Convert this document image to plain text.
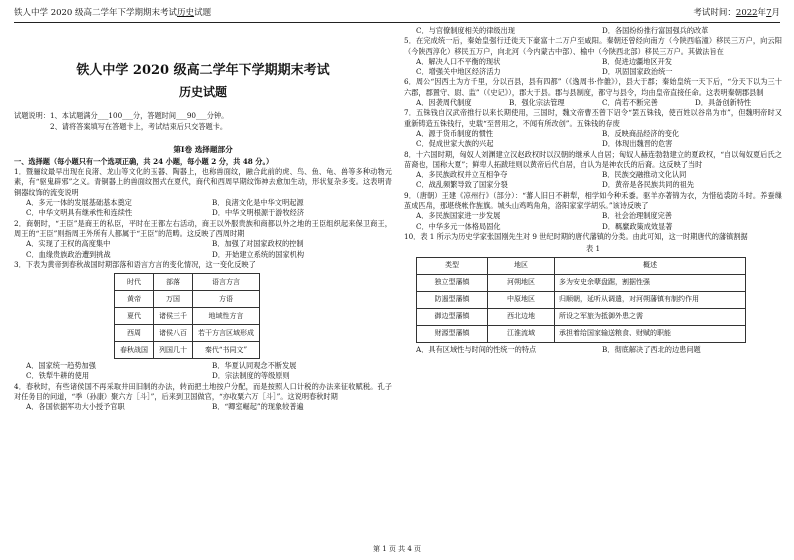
铁人中学 2020 级高二学年下学期期末考试历史试题	考试时间：2022年7月
铁人中学 2020 级高二学年下学期期末考试
历史试题
试题说明：1、本试题满分___100___分，答题时间___90___分钟。
2、请将答案填写在答题卡上，考试结束后只交答题卡。
第Ⅰ卷 选择题部分
一、选择题（每小题只有一个选项正确，共 24 小题，每小题 2 分，共 48 分。）

1．暨骊纹最早出现在良渚、龙山等文化的玉器、陶器上，也称兽面纹，融合此前的虎、鸟、鱼、龟、兽等多种动物元素，有“驱鬼辟邪”之义。青铜器上的兽面纹图式在夏代，商代和西周早期纹饰神去愈加生动，形状复杂多变。这表明青铜器纹饰的流变说明

A．多元一体的发展基础基本奠定	B．良渚文化是中华文明起源
C．中华文明具有继承性和连续性	D．中华文明根源于游牧经济

2．商朝时，“王臣”是商王的私臣，平时在王都左右活动，商王以外服贵族和商都以外之地的王臣组织起来保卫商王，周王的“王臣”则指周王外所有人都属于“王臣”的范畴。这反映了西周时期

A．实现了王权的高度集中	B．加强了对国家政权的控制
C．血缘贵族政治遭到挑战	D．开始建立系统的国家机构

3．下表为黄帝到春秋战国时期部落和语言方言的变化情况，这一变化反映了

时代	部落	语言方言
黄帝	万国	方语
夏代	诸侯三千	地域性方言
西周	诸侯八百	若干方言区域形成
春秋战国	列国几十	秦代“书同文”
A．国家统一趋势加强	B．华夏认同观念不断发展
C．铁犁牛耕的使用	D．宗法制度的等级原则

4．春秋时，有些诸侯国不再采取井田旧制的办法，转而把土地按户分配，而是按照人口计税的办法来征收赋税。孔子对任务目的问道，“季（孙康）聚六方［斗］”，后来到卫国做官，“亦收粟六万［斗］”。这说明春秋时期

A．各国依据军功大小授予官职	B．“卿室崛起”的现象较普遍
C．与官僚制度相关的律级出现	D．各国纷纷推行富国强兵的改革

5．在完成统一后，秦始皇强行迁徙天下豪富十二万户至咸阳。秦朝还曾经向南方（今陕西临潼）移民三万户，向云阳（今陕西淳化）移民五万户，向北河（今内蒙古中部）、榆中（今陕西北部）移民三万户。其做法旨在

A．解决人口不平衡的现状	B．促进边疆地区开发
C．增强关中地区经济活力	D．巩固国家政治统一

6．周公“因西土为方千里，分以百县，县有四都”（《逸周书·作雒》），县大于郡；秦始皇统一天下后，“分天下以为三十六郡，郡置守、尉、监”（《史记》），郡大于县。郡与县制度，都守与县令，均由皇帝直接任命。这表明秦朝郡县制

A．因袭周代制度	B．强化宗法管理	C．尚若不断完善	D．具备创新特性

7．五铢钱自汉武帝推行以来长期使用，三国时，魏文帝曹丕曾下诏令“罢五铢钱，使百姓以谷帛为市”，但魏明帝时又重新铸造五铢钱行，史载“至晋用之，不闻有所改创”。五铢钱的存废

A．源于货币制度的惯性	B．反映商品经济的变化
C．促成世家大族的兴起	D．体现出魏晋的危害

8．十六国时期，匈奴人刘渊建立汉赵政权时以汉朝的继承人自居；匈奴人赫连勃勃建立的夏政权，“自以匈奴夏后氏之苗裔也，国称大夏”；鲜卑人拓跋珪则以黄帝后代自居，自认为是神农氏的后裔。这反映了当时

A．多民族政权并立互相争夺	B．民族交融推动文化认同
C．战乱频繁导致了国家分裂	D．黄帝是各民族共同的祖先

9．（唐朝）王建《凉州行》（部分）：“蕃人旧日不耕犁，相学如今种禾黍。驱羊亦著锦为衣，为惜毡裘防斗时。养蚕缫茧成匹帛，那堪绕帐作旌旗。城头山鸡鸣角角，洛阳家家学胡乐。”该诗反映了

A．多民族国家进一步发展	B．社会治理制度完善
C．中华多元一体格局固化	D．羁縻政策成效显著

10．表 1 所示为历史学家张国刚先生对 9 世纪时期的唐代藩镇的分类。由此可知，这一时期唐代的藩镇割据

表 1
类型	地区	概述
独立型藩镇	河朔地区	多为安史余孽盘踞，割据性强
防遏型藩镇	中原地区	归顺朝，延听从调遣，对河朔藩镇有制约作用
御边型藩镇	西北边地	所设之军旅为抵御外患之需
财源型藩镇	江淮流域	承担着给国家输送粮食、财赋的职能
A．具有区域性与时间的性统一的特点	B．彻底解决了西北的边患问题
第 1 页 共 4 页
